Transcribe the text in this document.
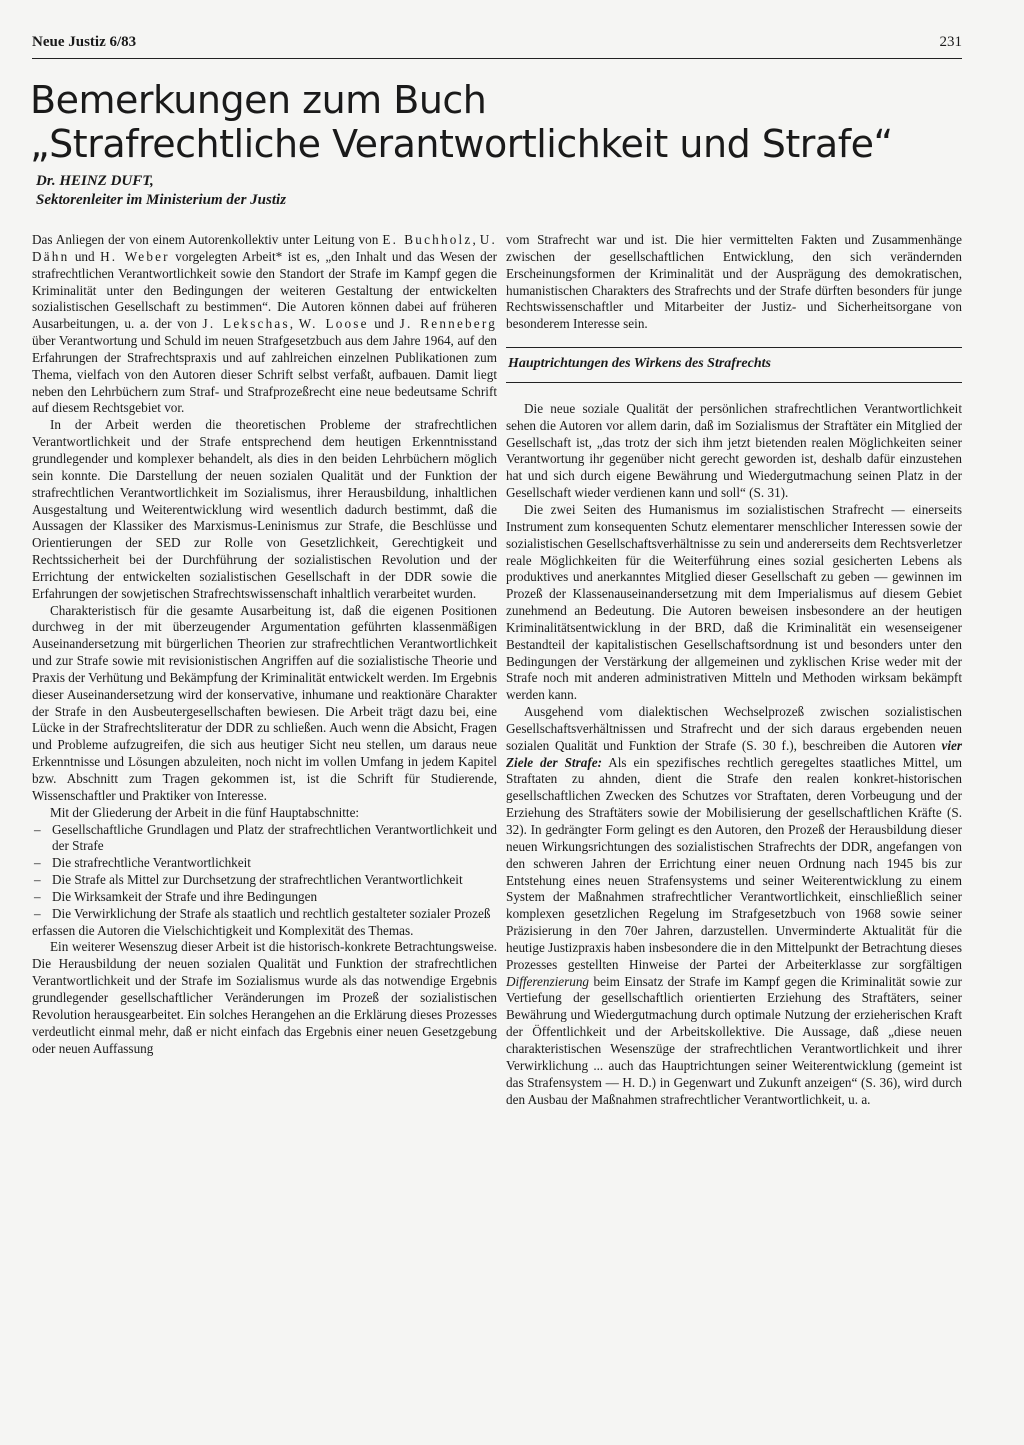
Neue Justiz 6/83	231
Bemerkungen zum Buch
„Strafrechtliche Verantwortlichkeit und Strafe“
Dr. HEINZ DUFT,
Sektorenleiter im Ministerium der Justiz

Das Anliegen der von einem Autorenkollektiv unter Leitung von E. Buchholz, U. Dähn und H. Weber vorgelegten Arbeit* ist es, „den Inhalt und das Wesen der strafrechtlichen Verantwortlichkeit sowie den Standort der Strafe im Kampf gegen die Kriminalität unter den Bedingungen der weiteren Gestaltung der entwickelten sozialistischen Gesellschaft zu bestimmen“. Die Autoren können dabei auf früheren Ausarbeitungen, u. a. der von J. Lekschas, W. Loose und J. Renneberg über Verantwortung und Schuld im neuen Strafgesetzbuch aus dem Jahre 1964, auf den Erfahrungen der Strafrechtspraxis und auf zahlreichen einzelnen Publikationen zum Thema, vielfach von den Autoren dieser Schrift selbst verfaßt, aufbauen. Damit liegt neben den Lehrbüchern zum Straf- und Strafprozeßrecht eine neue bedeutsame Schrift auf diesem Rechtsgebiet vor.

In der Arbeit werden die theoretischen Probleme der strafrechtlichen Verantwortlichkeit und der Strafe entsprechend dem heutigen Erkenntnisstand grundlegender und komplexer behandelt, als dies in den beiden Lehrbüchern möglich sein konnte. Die Darstellung der neuen sozialen Qualität und der Funktion der strafrechtlichen Verantwortlichkeit im Sozialismus, ihrer Herausbildung, inhaltlichen Ausgestaltung und Weiterentwicklung wird wesentlich dadurch bestimmt, daß die Aussagen der Klassiker des Marxismus-Leninismus zur Strafe, die Beschlüsse und Orientierungen der SED zur Rolle von Gesetzlichkeit, Gerechtigkeit und Rechtssicherheit bei der Durchführung der sozialistischen Revolution und der Errichtung der entwickelten sozialistischen Gesellschaft in der DDR sowie die Erfahrungen der sowjetischen Strafrechtswissenschaft inhaltlich verarbeitet wurden.

Charakteristisch für die gesamte Ausarbeitung ist, daß die eigenen Positionen durchweg in der mit überzeugender Argumentation geführten klassenmäßigen Auseinandersetzung mit bürgerlichen Theorien zur strafrechtlichen Verantwortlichkeit und zur Strafe sowie mit revisionistischen Angriffen auf die sozialistische Theorie und Praxis der Verhütung und Bekämpfung der Kriminalität entwickelt werden. Im Ergebnis dieser Auseinandersetzung wird der konservative, inhumane und reaktionäre Charakter der Strafe in den Ausbeutergesellschaften bewiesen. Die Arbeit trägt dazu bei, eine Lücke in der Strafrechtsliteratur der DDR zu schließen. Auch wenn die Absicht, Fragen und Probleme aufzugreifen, die sich aus heutiger Sicht neu stellen, um daraus neue Erkenntnisse und Lösungen abzuleiten, noch nicht im vollen Umfang in jedem Kapitel bzw. Abschnitt zum Tragen gekommen ist, ist die Schrift für Studierende, Wissenschaftler und Praktiker von Interesse.

Mit der Gliederung der Arbeit in die fünf Hauptabschnitte:

– Gesellschaftliche Grundlagen und Platz der strafrechtlichen Verantwortlichkeit und der Strafe
– Die strafrechtliche Verantwortlichkeit
– Die Strafe als Mittel zur Durchsetzung der strafrechtlichen Verantwortlichkeit
– Die Wirksamkeit der Strafe und ihre Bedingungen
– Die Verwirklichung der Strafe als staatlich und rechtlich gestalteter sozialer Prozeß

erfassen die Autoren die Vielschichtigkeit und Komplexität des Themas.

Ein weiterer Wesenszug dieser Arbeit ist die historisch-konkrete Betrachtungsweise. Die Herausbildung der neuen sozialen Qualität und Funktion der strafrechtlichen Verantwortlichkeit und der Strafe im Sozialismus wurde als das notwendige Ergebnis grundlegender gesellschaftlicher Veränderungen im Prozeß der sozialistischen Revolution herausgearbeitet. Ein solches Herangehen an die Erklärung dieses Prozesses verdeutlicht einmal mehr, daß er nicht einfach das Ergebnis einer neuen Gesetzgebung oder neuen Auffassung

vom Strafrecht war und ist. Die hier vermittelten Fakten und Zusammenhänge zwischen der gesellschaftlichen Entwicklung, den sich verändernden Erscheinungsformen der Kriminalität und der Ausprägung des demokratischen, humanistischen Charakters des Strafrechts und der Strafe dürften besonders für junge Rechtswissenschaftler und Mitarbeiter der Justiz- und Sicherheitsorgane von besonderem Interesse sein.

Hauptrichtungen des Wirkens des Strafrechts

Die neue soziale Qualität der persönlichen strafrechtlichen Verantwortlichkeit sehen die Autoren vor allem darin, daß im Sozialismus der Straftäter ein Mitglied der Gesellschaft ist, „das trotz der sich ihm jetzt bietenden realen Möglichkeiten seiner Verantwortung ihr gegenüber nicht gerecht geworden ist, deshalb dafür einzustehen hat und sich durch eigene Bewährung und Wiedergutmachung seinen Platz in der Gesellschaft wieder verdienen kann und soll“ (S. 31).

Die zwei Seiten des Humanismus im sozialistischen Strafrecht — einerseits Instrument zum konsequenten Schutz elementarer menschlicher Interessen sowie der sozialistischen Gesellschaftsverhältnisse zu sein und andererseits dem Rechtsverletzer reale Möglichkeiten für die Weiterführung eines sozial gesicherten Lebens als produktives und anerkanntes Mitglied dieser Gesellschaft zu geben — gewinnen im Prozeß der Klassenauseinandersetzung mit dem Imperialismus auf diesem Gebiet zunehmend an Bedeutung. Die Autoren beweisen insbesondere an der heutigen Kriminalitätsentwicklung in der BRD, daß die Kriminalität ein wesenseigener Bestandteil der kapitalistischen Gesellschaftsordnung ist und besonders unter den Bedingungen der Verstärkung der allgemeinen und zyklischen Krise weder mit der Strafe noch mit anderen administrativen Mitteln und Methoden wirksam bekämpft werden kann.

Ausgehend vom dialektischen Wechselprozeß zwischen sozialistischen Gesellschaftsverhältnissen und Strafrecht und der sich daraus ergebenden neuen sozialen Qualität und Funktion der Strafe (S. 30 f.), beschreiben die Autoren vier Ziele der Strafe: Als ein spezifisches rechtlich geregeltes staatliches Mittel, um Straftaten zu ahnden, dient die Strafe den realen konkret-historischen gesellschaftlichen Zwecken des Schutzes vor Straftaten, deren Vorbeugung und der Erziehung des Straftäters sowie der Mobilisierung der gesellschaftlichen Kräfte (S. 32). In gedrängter Form gelingt es den Autoren, den Prozeß der Herausbildung dieser neuen Wirkungsrichtungen des sozialistischen Strafrechts der DDR, angefangen von den schweren Jahren der Errichtung einer neuen Ordnung nach 1945 bis zur Entstehung eines neuen Strafensystems und seiner Weiterentwicklung zu einem System der Maßnahmen strafrechtlicher Verantwortlichkeit, einschließlich seiner komplexen gesetzlichen Regelung im Strafgesetzbuch von 1968 sowie seiner Präzisierung in den 70er Jahren, darzustellen. Unverminderte Aktualität für die heutige Justizpraxis haben insbesondere die in den Mittelpunkt der Betrachtung dieses Prozesses gestellten Hinweise der Partei der Arbeiterklasse zur sorgfältigen Differenzierung beim Einsatz der Strafe im Kampf gegen die Kriminalität sowie zur Vertiefung der gesellschaftlich orientierten Erziehung des Straftäters, seiner Bewährung und Wiedergutmachung durch optimale Nutzung der erzieherischen Kraft der Öffentlichkeit und der Arbeitskollektive. Die Aussage, daß „diese neuen charakteristischen Wesenszüge der strafrechtlichen Verantwortlichkeit und ihrer Verwirklichung ... auch das Hauptrichtungen seiner Weiterentwicklung (gemeint ist das Strafensystem — H. D.) in Gegenwart und Zukunft anzeigen“ (S. 36), wird durch den Ausbau der Maßnahmen strafrechtlicher Verantwortlichkeit, u. a.
